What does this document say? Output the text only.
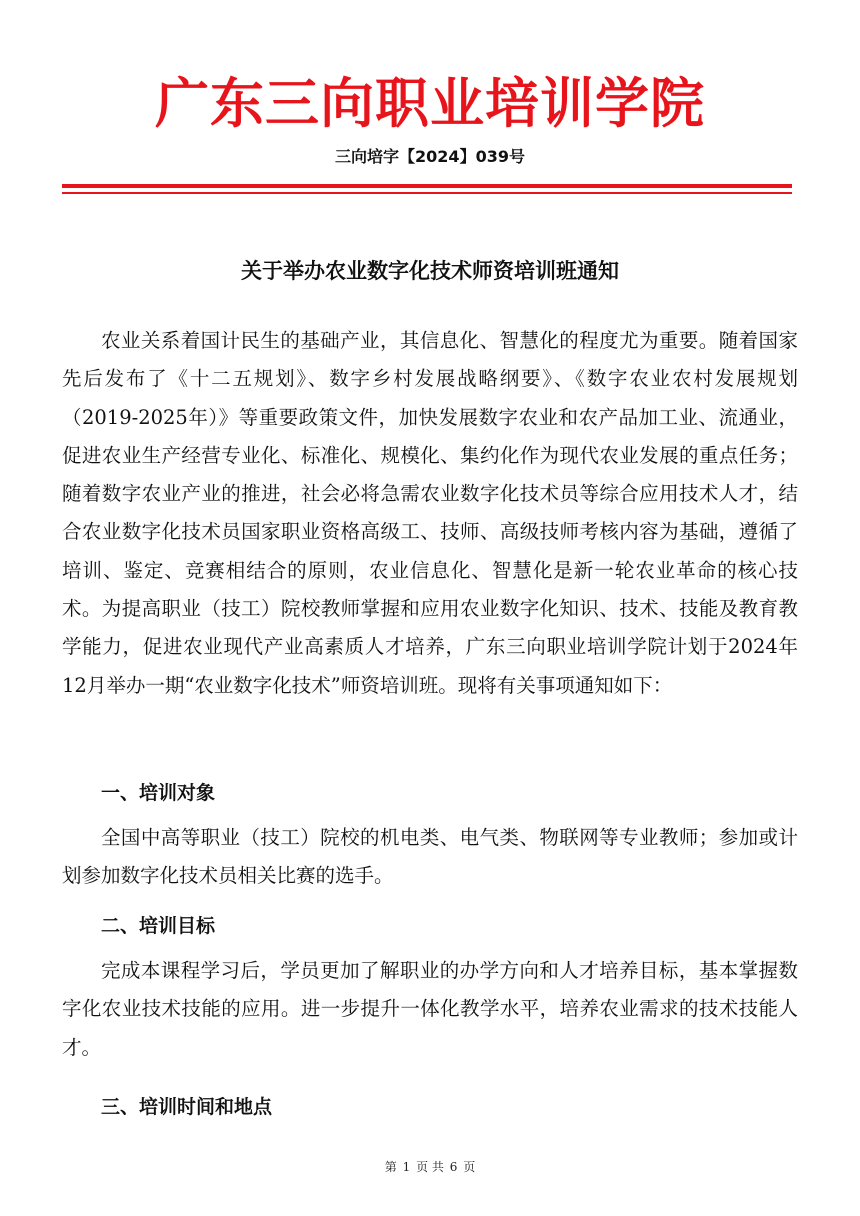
广东三向职业培训学院
三向培字【2024】039号
关于举办农业数字化技术师资培训班通知

农业关系着国计民生的基础产业，其信息化、智慧化的程度尤为重要。随着国家先后发布了《十二五规划》、数字乡村发展战略纲要》、《数字农业农村发展规划（2019-2025年）》等重要政策文件，加快发展数字农业和农产品加工业、流通业，促进农业生产经营专业化、标准化、规模化、集约化作为现代农业发展的重点任务；随着数字农业产业的推进，社会必将急需农业数字化技术员等综合应用技术人才，结合农业数字化技术员国家职业资格高级工、技师、高级技师考核内容为基础，遵循了培训、鉴定、竞赛相结合的原则，农业信息化、智慧化是新一轮农业革命的核心技术。为提高职业（技工）院校教师掌握和应用农业数字化知识、技术、技能及教育教学能力，促进农业现代产业高素质人才培养，广东三向职业培训学院计划于2024年12月举办一期“农业数字化技术”师资培训班。现将有关事项通知如下：

一、培训对象

全国中高等职业（技工）院校的机电类、电气类、物联网等专业教师；参加或计划参加数字化技术员相关比赛的选手。

二、培训目标

完成本课程学习后，学员更加了解职业的办学方向和人才培养目标，基本掌握数字化农业技术技能的应用。进一步提升一体化教学水平，培养农业需求的技术技能人才。

三、培训时间和地点
第 1 页 共 6 页
